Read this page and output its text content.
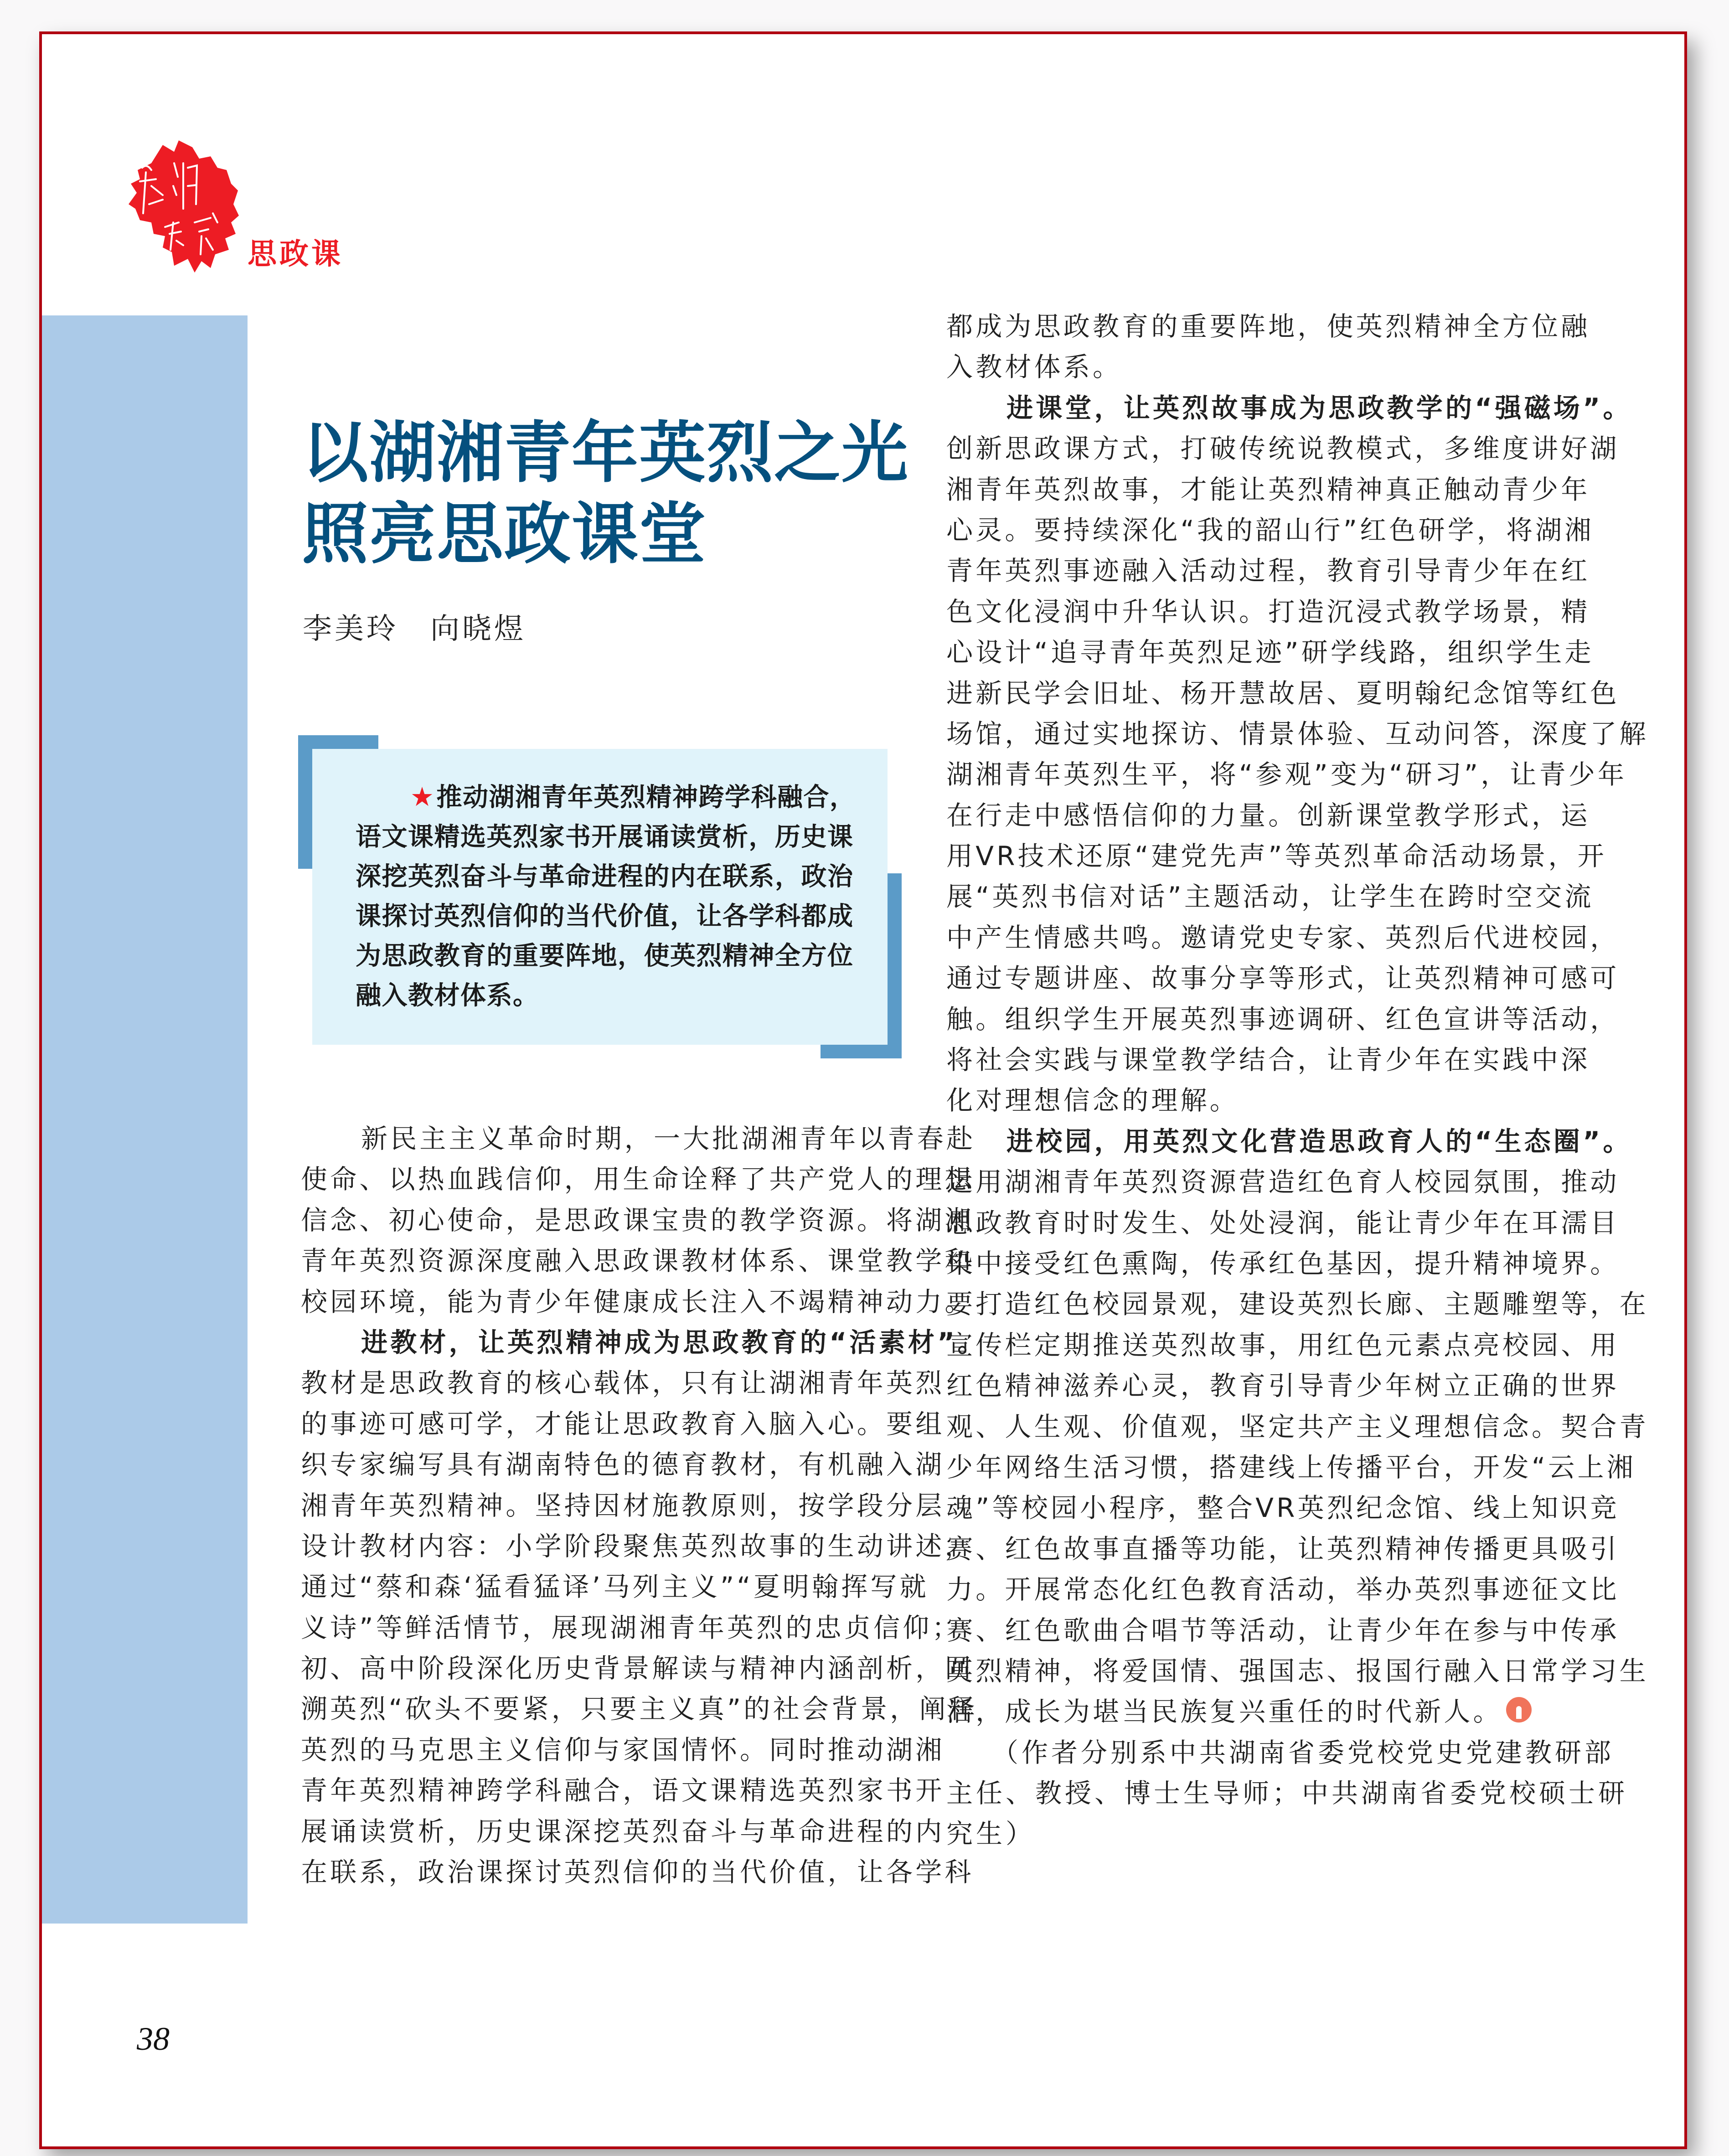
思政课
以湖湘青年英烈之光
照亮思政课堂
李美玲 向晓煜
★推动湖湘青年英烈精神跨学科融合，
语文课精选英烈家书开展诵读赏析，历史课
深挖英烈奋斗与革命进程的内在联系，政治
课探讨英烈信仰的当代价值，让各学科都成
为思政教育的重要阵地，使英烈精神全方位
融入教材体系。
新民主主义革命时期，一大批湖湘青年以青春赴
使命、以热血践信仰，用生命诠释了共产党人的理想
信念、初心使命，是思政课宝贵的教学资源。将湖湘
青年英烈资源深度融入思政课教材体系、课堂教学和
校园环境，能为青少年健康成长注入不竭精神动力。
进教材，让英烈精神成为思政教育的“活素材”。
教材是思政教育的核心载体，只有让湖湘青年英烈
的事迹可感可学，才能让思政教育入脑入心。要组
织专家编写具有湖南特色的德育教材，有机融入湖
湘青年英烈精神。坚持因材施教原则，按学段分层
设计教材内容：小学阶段聚焦英烈故事的生动讲述，
通过“蔡和森‘猛看猛译’马列主义”“夏明翰挥写就
义诗”等鲜活情节，展现湖湘青年英烈的忠贞信仰；
初、高中阶段深化历史背景解读与精神内涵剖析，回
溯英烈“砍头不要紧，只要主义真”的社会背景，阐释
英烈的马克思主义信仰与家国情怀。同时推动湖湘
青年英烈精神跨学科融合，语文课精选英烈家书开
展诵读赏析，历史课深挖英烈奋斗与革命进程的内
在联系，政治课探讨英烈信仰的当代价值，让各学科
都成为思政教育的重要阵地，使英烈精神全方位融
入教材体系。
进课堂，让英烈故事成为思政教学的“强磁场”。
创新思政课方式，打破传统说教模式，多维度讲好湖
湘青年英烈故事，才能让英烈精神真正触动青少年
心灵。要持续深化“我的韶山行”红色研学，将湖湘
青年英烈事迹融入活动过程，教育引导青少年在红
色文化浸润中升华认识。打造沉浸式教学场景，精
心设计“追寻青年英烈足迹”研学线路，组织学生走
进新民学会旧址、杨开慧故居、夏明翰纪念馆等红色
场馆，通过实地探访、情景体验、互动问答，深度了解
湖湘青年英烈生平，将“参观”变为“研习”，让青少年
在行走中感悟信仰的力量。创新课堂教学形式，运
用VR技术还原“建党先声”等英烈革命活动场景，开
展“英烈书信对话”主题活动，让学生在跨时空交流
中产生情感共鸣。邀请党史专家、英烈后代进校园，
通过专题讲座、故事分享等形式，让英烈精神可感可
触。组织学生开展英烈事迹调研、红色宣讲等活动，
将社会实践与课堂教学结合，让青少年在实践中深
化对理想信念的理解。
进校园，用英烈文化营造思政育人的“生态圈”。
运用湖湘青年英烈资源营造红色育人校园氛围，推动
思政教育时时发生、处处浸润，能让青少年在耳濡目
染中接受红色熏陶，传承红色基因，提升精神境界。
要打造红色校园景观，建设英烈长廊、主题雕塑等，在
宣传栏定期推送英烈故事，用红色元素点亮校园、用
红色精神滋养心灵，教育引导青少年树立正确的世界
观、人生观、价值观，坚定共产主义理想信念。契合青
少年网络生活习惯，搭建线上传播平台，开发“云上湘
魂”等校园小程序，整合VR英烈纪念馆、线上知识竞
赛、红色故事直播等功能，让英烈精神传播更具吸引
力。开展常态化红色教育活动，举办英烈事迹征文比
赛、红色歌曲合唱节等活动，让青少年在参与中传承
英烈精神，将爱国情、强国志、报国行融入日常学习生
活，成长为堪当民族复兴重任的时代新人。
（作者分别系中共湖南省委党校党史党建教研部
主任、教授、博士生导师；中共湖南省委党校硕士研
究生）
38
